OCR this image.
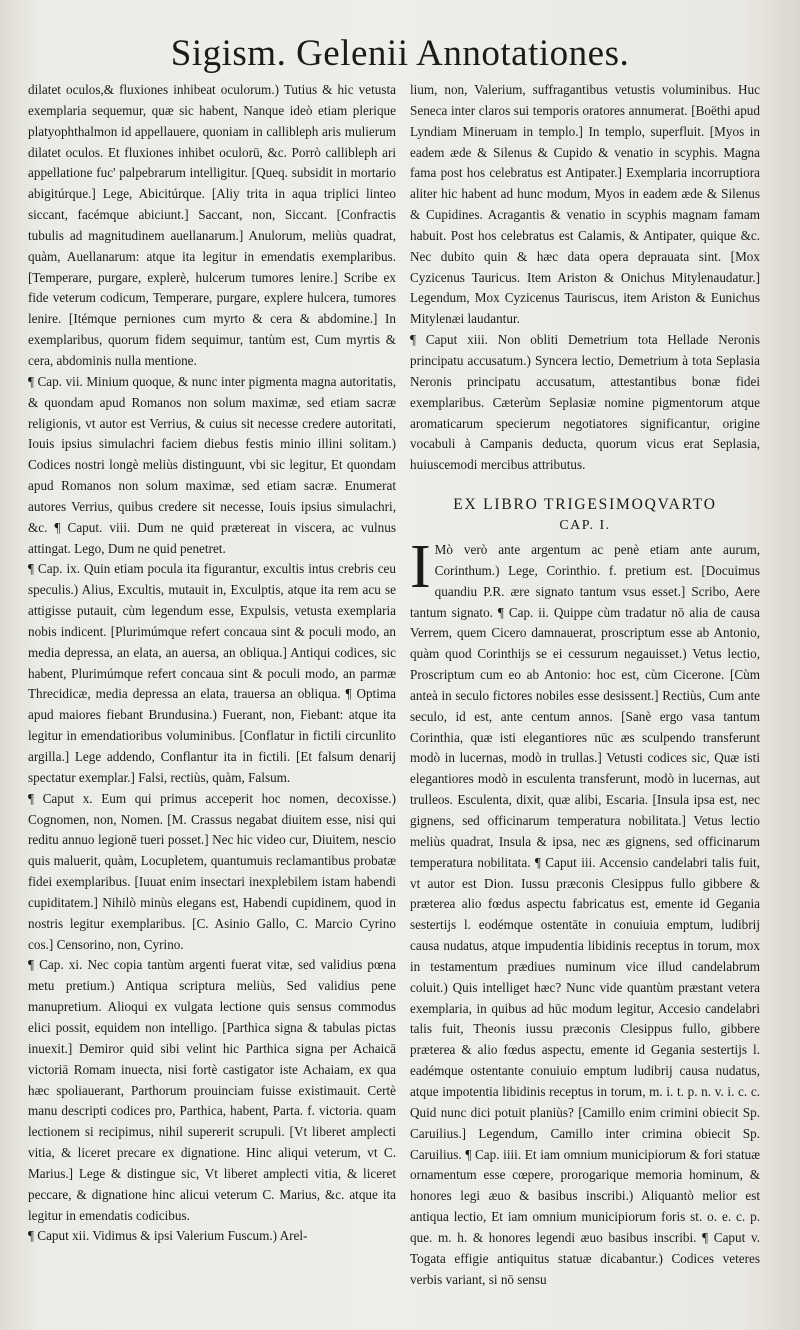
Sigism. Gelenii Annotationes.

dilatet oculos,& fluxiones inhibeat oculorum.) Tutius & hic vetusta exemplaria sequemur, quæ sic habent, Nanque ideò etiam plerique platyophthalmon id appellauere, quoniam in callibleph aris mulierum dilatet oculos. Et fluxiones inhibet oculorū, &c. Porrò callibleph ari appellatione fuc' palpebrarum intelligitur. [Queq. subsidit in mortario abigitúrque.] Lege, Abicitúrque. [Aliy trita in aqua triplici linteo siccant, facémque abiciunt.] Saccant, non, Siccant. [Confractis tubulis ad magnitudinem auellanarum.] Anulorum, meliùs quadrat, quàm, Auellanarum: atque ita legitur in emendatis exemplaribus. [Temperare, purgare, explerè, hulcerum tumores lenire.] Scribe ex fide veterum codicum, Temperare, purgare, explere hulcera, tumores lenire. [Itémque perniones cum myrto & cera & abdomine.] In exemplaribus, quorum fidem sequimur, tantùm est, Cum myrtis & cera, abdominis nulla mentione.

¶ Cap. vii. Minium quoque, & nunc inter pigmenta magna autoritatis, & quondam apud Romanos non solum maximæ, sed etiam sacræ religionis, vt autor est Verrius, & cuius sit necesse credere autoritati, Iouis ipsius simulachri faciem diebus festis minio illini solitam.) Codices nostri longè meliùs distinguunt, vbi sic legitur, Et quondam apud Romanos non solum maximæ, sed etiam sacræ. Enumerat autores Verrius, quibus credere sit necesse, Iouis ipsius simulachri, &c. ¶ Caput. viii. Dum ne quid prætereat in viscera, ac vulnus attingat. Lego, Dum ne quid penetret.

¶ Cap. ix. Quin etiam pocula ita figurantur, excultis intus crebris ceu speculis.) Alius, Excultis, mutauit in, Exculptis, atque ita rem acu se attigisse putauit, cùm legendum esse, Expulsis, vetusta exemplaria nobis indicent. [Plurimúmque refert concaua sint & poculi modo, an media depressa, an elata, an auersa, an obliqua.] Antiqui codices, sic habent, Plurimúmque refert concaua sint & poculi modo, an parmæ Threcidicæ, media depressa an elata, trauersa an obliqua. ¶ Optima apud maiores fiebant Brundusina.) Fuerant, non, Fiebant: atque ita legitur in emendatioribus voluminibus. [Conflatur in fictili circunlito argilla.] Lege addendo, Conflantur ita in fictili. [Et falsum denarij spectatur exemplar.] Falsi, rectiùs, quàm, Falsum.

¶ Caput x. Eum qui primus acceperit hoc nomen, decoxisse.) Cognomen, non, Nomen. [M. Crassus negabat diuitem esse, nisi qui reditu annuo legionē tueri posset.] Nec hic video cur, Diuitem, nescio quis maluerit, quàm, Locupletem, quantumuis reclamantibus probatæ fidei exemplaribus. [Iuuat enim insectari inexplebilem istam habendi cupiditatem.] Nihilò minùs elegans est, Habendi cupidinem, quod in nostris legitur exemplaribus. [C. Asinio Gallo, C. Marcio Cyrino cos.] Censorino, non, Cyrino.

¶ Cap. xi. Nec copia tantùm argenti fuerat vitæ, sed validius pœna metu pretium.) Antiqua scriptura meliùs, Sed validius pene manupretium. Alioqui ex vulgata lectione quis sensus commodus elici possit, equidem non intelligo. [Parthica signa & tabulas pictas inuexit.] Demiror quid sibi velint hic Parthica signa per Achaicā victoriā Romam inuecta, nisi fortè castigator iste Achaiam, ex qua hæc spoliauerant, Parthorum prouinciam fuisse existimauit. Certè manu descripti codices pro, Parthica, habent, Parta. f. victoria. quam lectionem si recipimus, nihil supererit scrupuli. [Vt liberet amplecti vitia, & liceret precare ex dignatione. Hinc aliqui veterum, vt C. Marius.] Lege & distingue sic, Vt liberet amplecti vitia, & liceret peccare, & dignatione hinc alicui veterum C. Marius, &c. atque ita legitur in emendatis codicibus.

¶ Caput xii. Vidimus & ipsi Valerium Fuscum.) Arel-

lium, non, Valerium, suffragantibus vetustis voluminibus. Huc Seneca inter claros sui temporis oratores annumerat. [Boëthi apud Lyndiam Mineruam in templo.] In templo, superfluit. [Myos in eadem æde & Silenus & Cupido & venatio in scyphis. Magna fama post hos celebratus est Antipater.] Exemplaria incorruptiora aliter hic habent ad hunc modum, Myos in eadem æde & Silenus & Cupidines. Acragantis & venatio in scyphis magnam famam habuit. Post hos celebratus est Calamis, & Antipater, quique &c. Nec dubito quin & hæc data opera deprauata sint. [Mox Cyzicenus Tauricus. Item Ariston & Onichus Mitylenaudatur.] Legendum, Mox Cyzicenus Tauriscus, item Ariston & Eunichus Mitylenæi laudantur.

¶ Caput xiii. Non obliti Demetrium tota Hellade Neronis principatu accusatum.) Syncera lectio, Demetrium à tota Seplasia Neronis principatu accusatum, attestantibus bonæ fidei exemplaribus. Cæterùm Seplasiæ nomine pigmentorum atque aromaticarum specierum negotiatores significantur, origine vocabuli à Campanis deducta, quorum vicus erat Seplasia, huiuscemodi mercibus attributus.

EX LIBRO TRIGESIMOQVARTO
CAP. I.

I Mò verò ante argentum ac penè etiam ante aurum, Corinthum.) Lege, Corinthio. f. pretium est. [Docuimus quandiu P.R. ære signato tantum vsus esset.] Scribo, Aere tantum signato. ¶ Cap. ii. Quippe cùm tradatur nō alia de causa Verrem, quem Cicero damnauerat, proscriptum esse ab Antonio, quàm quod Corinthijs se ei cessurum negauisset.) Vetus lectio, Proscriptum cum eo ab Antonio: hoc est, cùm Cicerone. [Cùm anteà in seculo fictores nobiles esse desissent.] Rectiùs, Cum ante seculo, id est, ante centum annos. [Sanè ergo vasa tantum Corinthia, quæ isti elegantiores nūc æs sculpendo transferunt modò in lucernas, modò in trullas.] Vetusti codices sic, Quæ isti elegantiores modò in esculenta transferunt, modò in lucernas, aut trulleos. Esculenta, dixit, quæ alibi, Escaria. [Insula ipsa est, nec gignens, sed officinarum temperatura nobilitata.] Vetus lectio meliùs quadrat, Insula & ipsa, nec æs gignens, sed officinarum temperatura nobilitata. ¶ Caput iii. Accensio candelabri talis fuit, vt autor est Dion. Iussu præconis Clesippus fullo gibbere & præterea alio fœdus aspectu fabricatus est, emente id Gegania sestertijs l. eodémque ostentāte in conuiuia emptum, ludibrij causa nudatus, atque impudentia libidinis receptus in torum, mox in testamentum prædiues numinum vice illud candelabrum coluit.) Quis intelliget hæc? Nunc vide quantùm præstant vetera exemplaria, in quibus ad hūc modum legitur, Accesio candelabri talis fuit, Theonis iussu præconis Clesippus fullo, gibbere præterea & alio fœdus aspectu, emente id Gegania sestertijs l. eadémque ostentante conuiuio emptum ludibrij causa nudatus, atque impotentia libidinis receptus in torum, m. i. t. p. n. v. i. c. c. Quid nunc dici potuit planiùs? [Camillo enim crimini obiecit Sp. Caruilius.] Legendum, Camillo inter crimina obiecit Sp. Caruilius. ¶ Cap. iiii. Et iam omnium municipiorum & fori statuæ ornamentum esse cœpere, prorogarique memoria hominum, & honores legi æuo & basibus inscribi.) Aliquantò melior est antiqua lectio, Et iam omnium municipiorum foris st. o. e. c. p. que. m. h. & honores legendi æuo basibus inscribi. ¶ Caput v. Togata effigie antiquitus statuæ dicabantur.) Codices veteres verbis variant, si nō sensu
